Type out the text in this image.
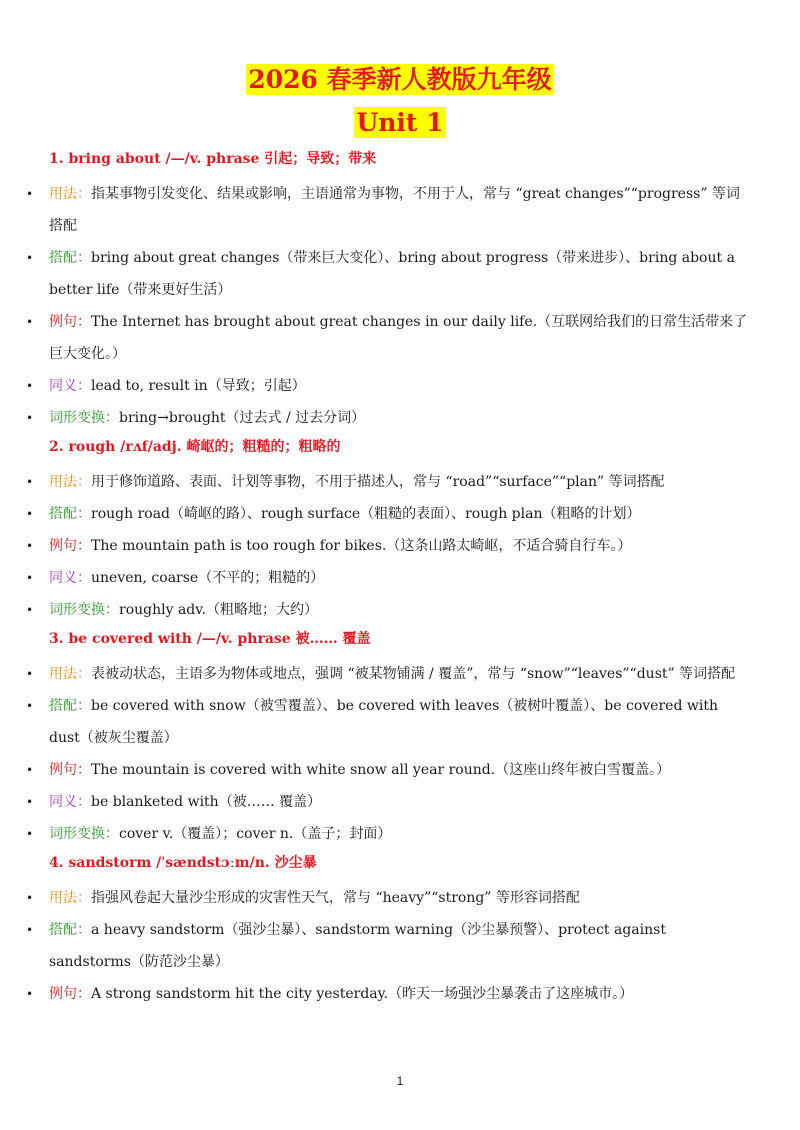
2026 春季新人教版九年级
Unit 1
1. bring about /—/v. phrase 引起；导致；带来
• 用法：指某事物引发变化、结果或影响，主语通常为事物，不用于人，常与 “great changes”“progress” 等词搭配
• 搭配：bring about great changes（带来巨大变化）、bring about progress（带来进步）、bring about a better life（带来更好生活）
• 例句：The Internet has brought about great changes in our daily life.（互联网给我们的日常生活带来了巨大变化。）
• 同义：lead to, result in（导致；引起）
• 词形变换：bring→brought（过去式 / 过去分词）
2. rough /rʌf/adj. 崎岖的；粗糙的；粗略的
• 用法：用于修饰道路、表面、计划等事物，不用于描述人，常与 “road”“surface”“plan” 等词搭配
• 搭配：rough road（崎岖的路）、rough surface（粗糙的表面）、rough plan（粗略的计划）
• 例句：The mountain path is too rough for bikes.（这条山路太崎岖，不适合骑自行车。）
• 同义：uneven, coarse（不平的；粗糙的）
• 词形变换：roughly adv.（粗略地；大约）
3. be covered with /—/v. phrase 被…… 覆盖
• 用法：表被动状态，主语多为物体或地点，强调 “被某物铺满 / 覆盖”，常与 “snow”“leaves”“dust” 等词搭配
• 搭配：be covered with snow（被雪覆盖）、be covered with leaves（被树叶覆盖）、be covered with dust（被灰尘覆盖）
• 例句：The mountain is covered with white snow all year round.（这座山终年被白雪覆盖。）
• 同义：be blanketed with（被…… 覆盖）
• 词形变换：cover v.（覆盖）；cover n.（盖子；封面）
4. sandstorm /ˈsændstɔːm/n. 沙尘暴
• 用法：指强风卷起大量沙尘形成的灾害性天气，常与 “heavy”“strong” 等形容词搭配
• 搭配：a heavy sandstorm（强沙尘暴）、sandstorm warning（沙尘暴预警）、protect against sandstorms（防范沙尘暴）
• 例句：A strong sandstorm hit the city yesterday.（昨天一场强沙尘暴袭击了这座城市。）
1
